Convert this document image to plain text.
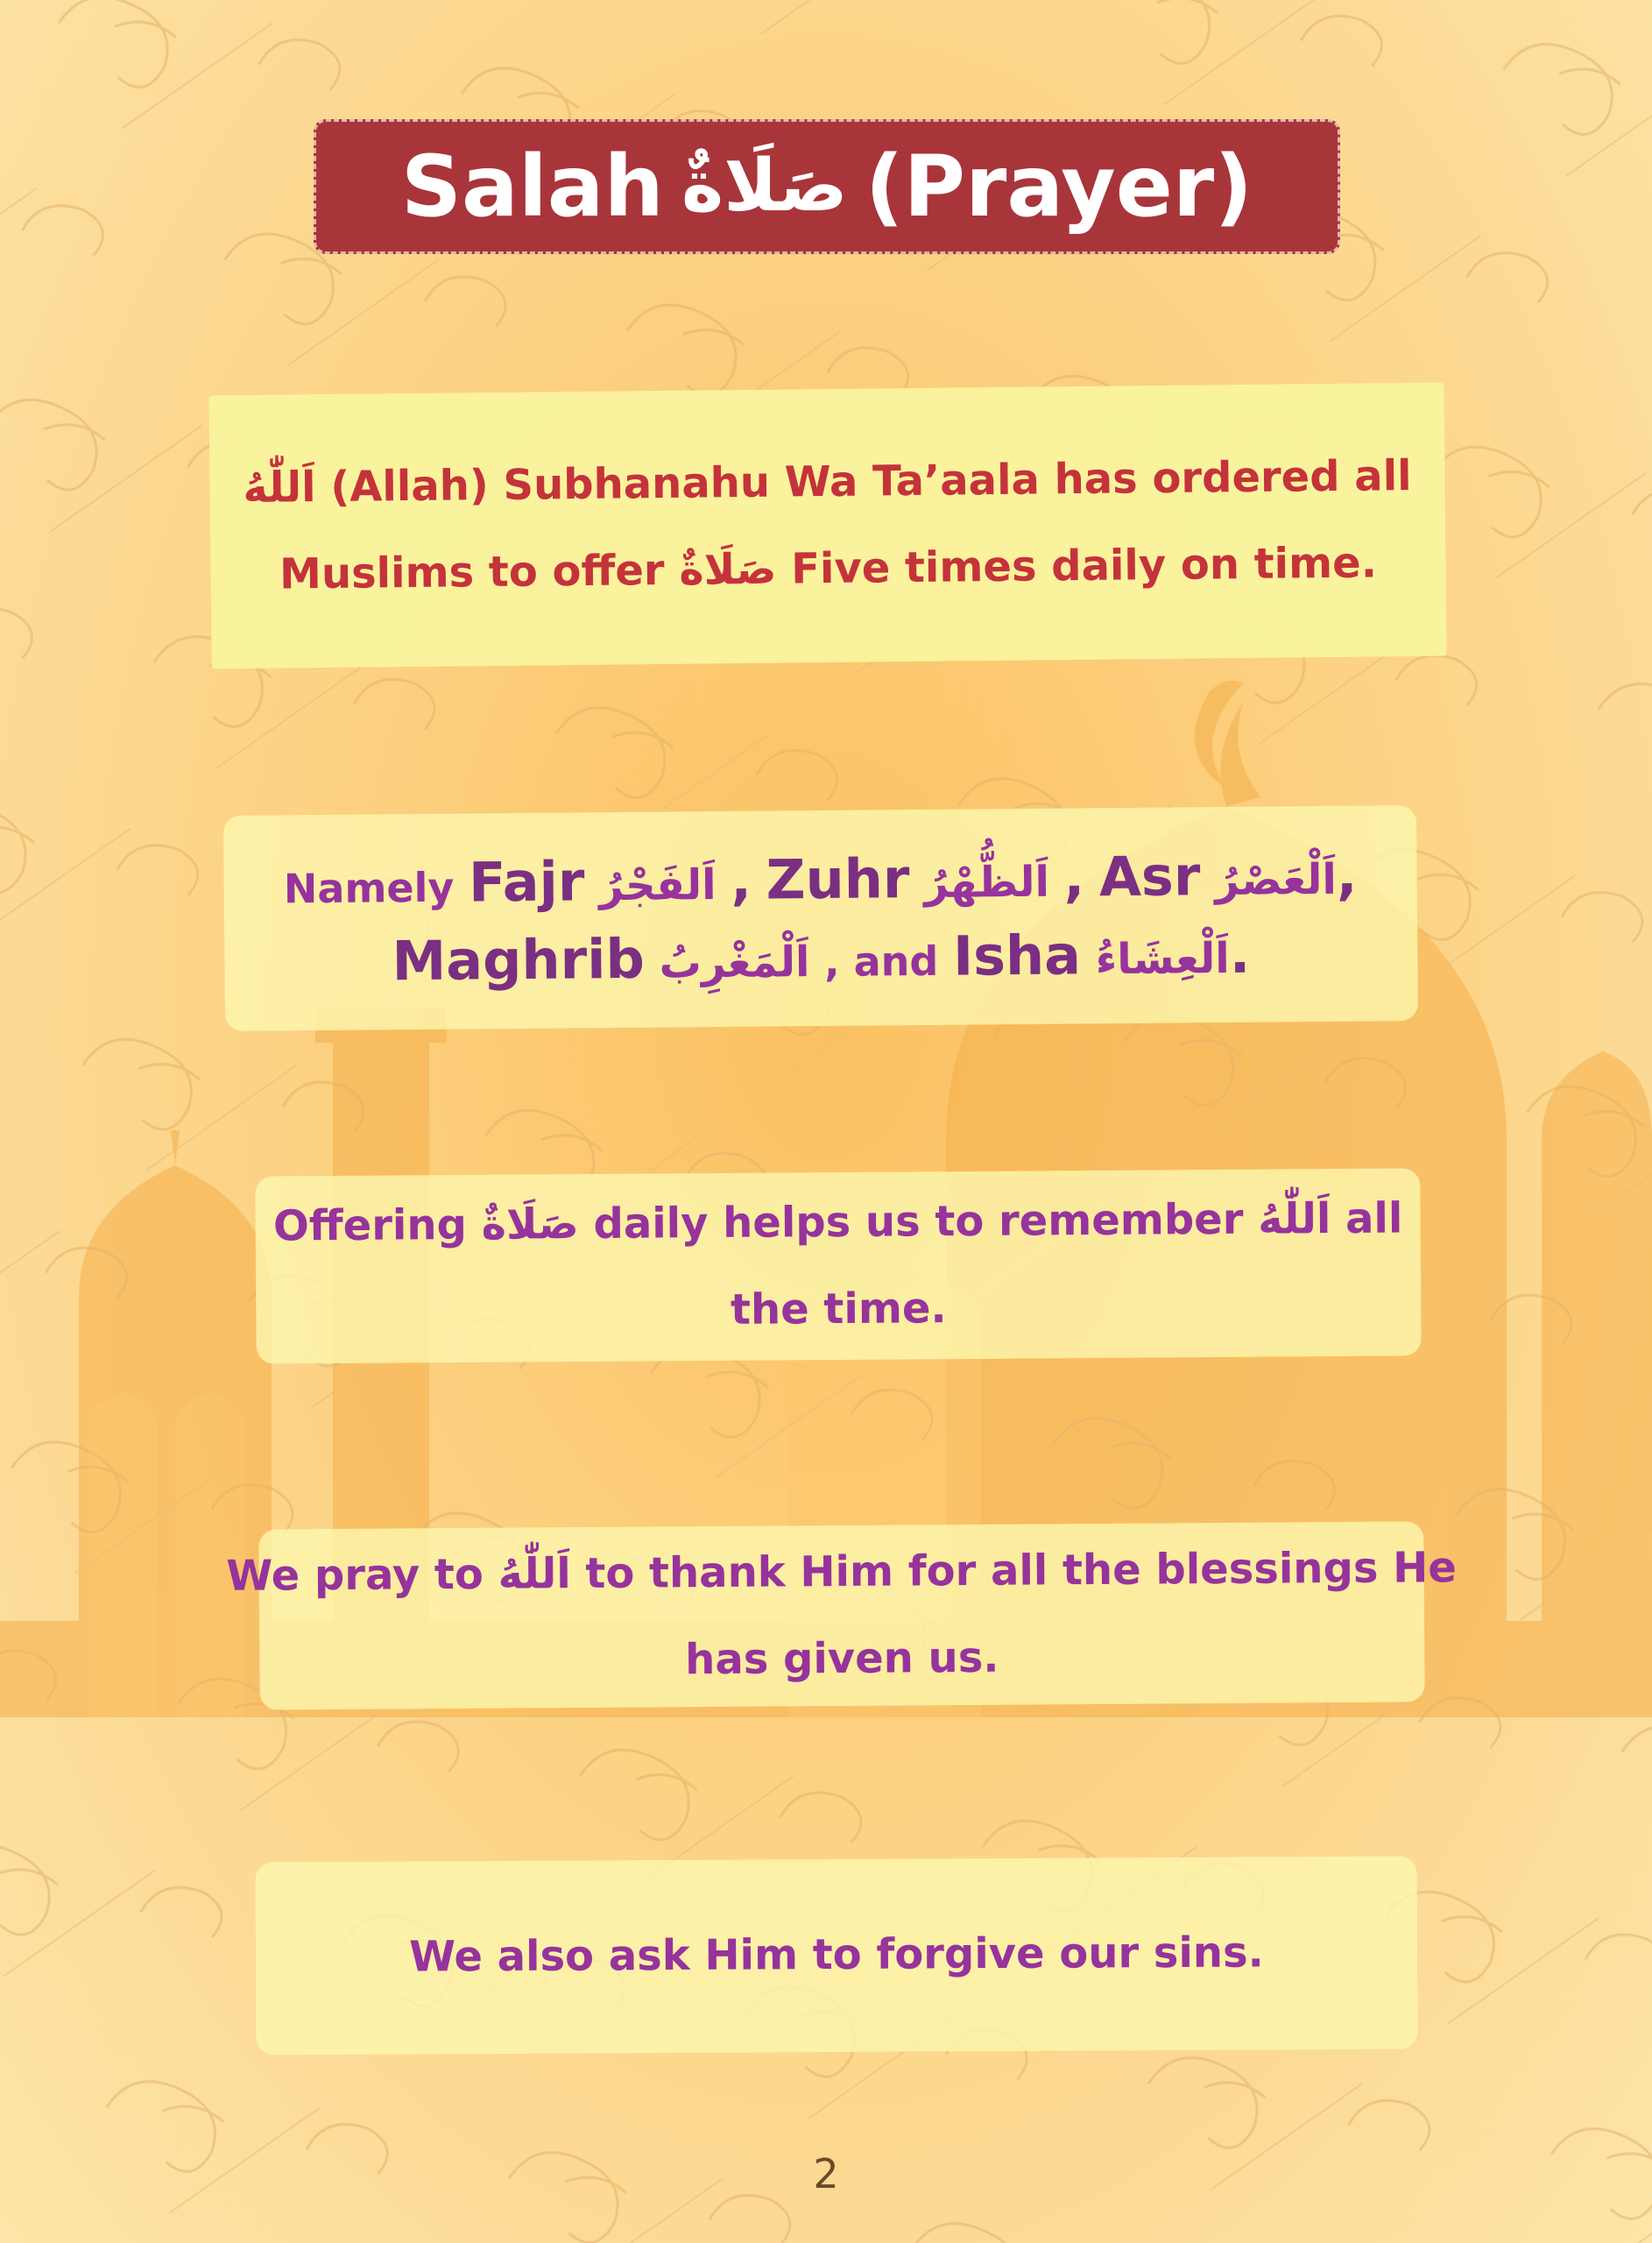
Salah صَلَاةٌ (Prayer)
اَللّٰهُ (Allah) Subhanahu Wa Ta’aala has ordered all
Muslims to offer صَلَاةٌ Five times daily on time.
Namely Fajr اَلفَجْرُ , Zuhr اَلظُّهْرُ , Asr اَلْعَصْرُ,
Maghrib اَلْمَغْرِبُ , and Isha اَلْعِشَاءُ.
Offering صَلَاةٌ daily helps us to remember اَللّٰهُ all
the time.
We pray to اَللّٰهُ to thank Him for all the blessings He
has given us.
We also ask Him to forgive our sins.
2
